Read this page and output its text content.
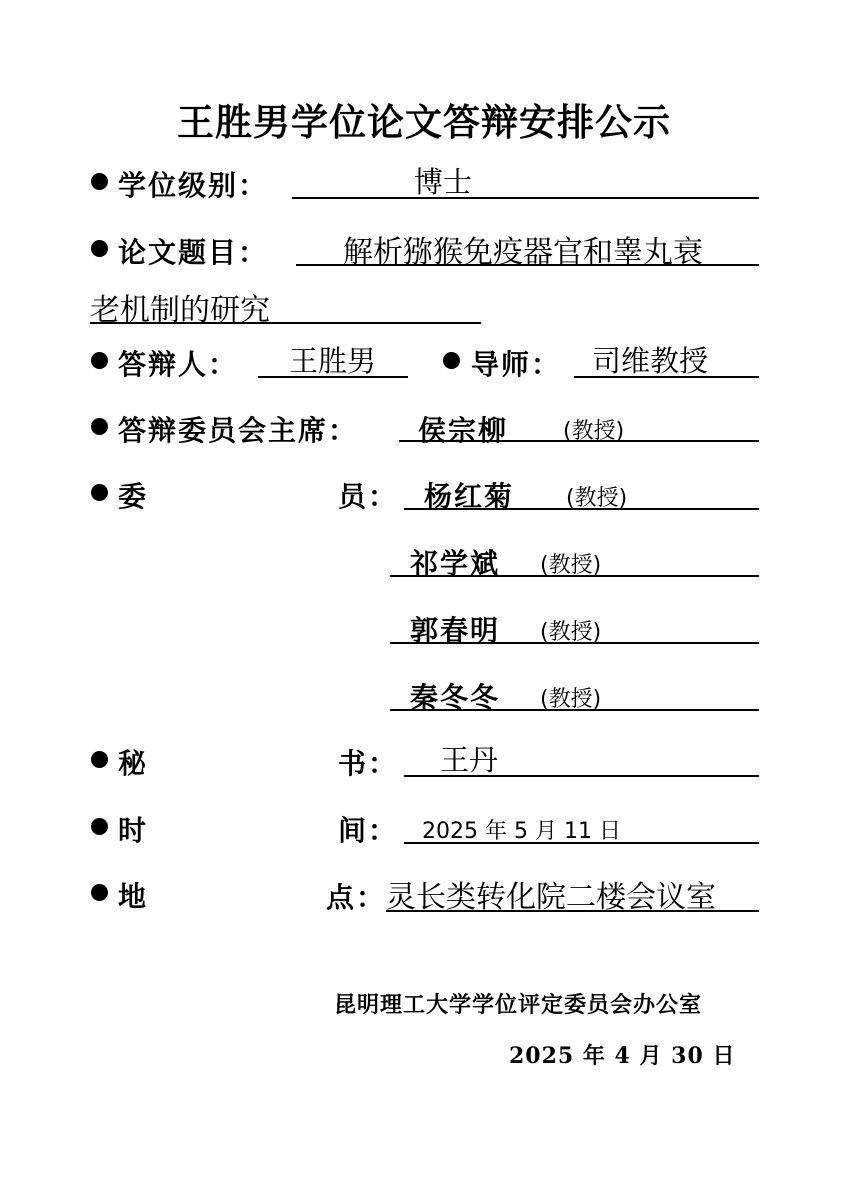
王胜男学位论文答辩安排公示
学位级别：	博士
论文题目： 解析猕猴免疫器官和睾丸衰
老机制的研究
答辩人： 王胜男	导师： 司维教授
答辩委员会主席： 侯宗柳 (教授)
委	员： 杨红菊 (教授)
祁学斌 (教授)
郭春明 (教授)
秦冬冬 (教授)
秘	书： 王丹
时	间： 2025 年 5 月 11 日
地	点： 灵长类转化院二楼会议室
昆明理工大学学位评定委员会办公室
2025 年 4 月 30 日
